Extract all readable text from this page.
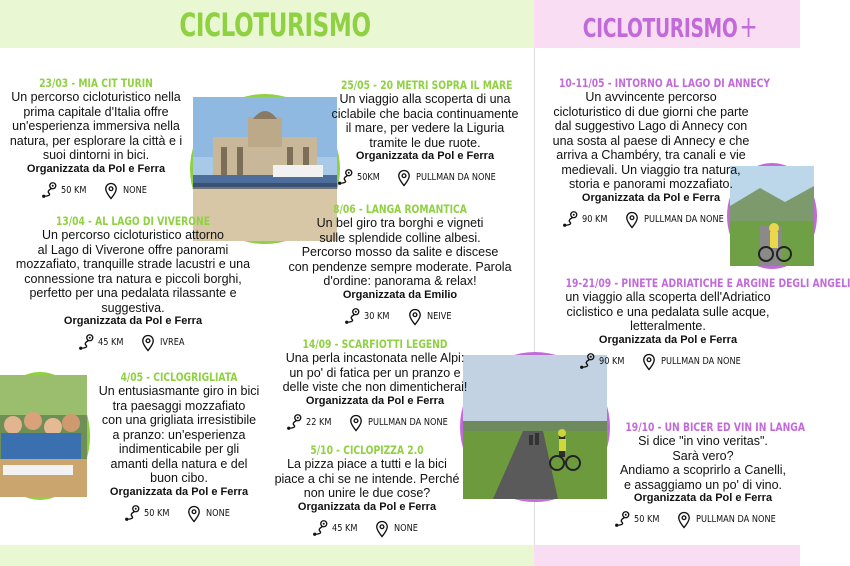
CICLOTURISMO	CICLOTURISMO+
23/03 - MIA CIT TURIN
Un percorso cicloturistico nella
prima capitale d'Italia offre
un'esperienza immersiva nella
natura, per esplorare la città e i
suoi dintorni in bici.
Organizzata da Pol e Ferra
50 KM	NONE
13/04 - AL LAGO DI VIVERONE
Un percorso cicloturistico attorno
al Lago di Viverone offre panorami
mozzafiato, tranquille strade lacustri e una
connessione tra natura e piccoli borghi,
perfetto per una pedalata rilassante e
suggestiva.
Organizzata da Pol e Ferra
45 KM	IVREA
4/05 - CICLOGRIGLIATA
Un entusiasmante giro in bici
tra paesaggi mozzafiato
con una grigliata irresistibile
a pranzo: un'esperienza
indimenticabile per gli
amanti della natura e del
buon cibo.
Organizzata da Pol e Ferra
50 KM	NONE
25/05 - 20 METRI SOPRA IL MARE
Un viaggio alla scoperta di una
ciclabile che bacia continuamente
il mare, per vedere la Liguria
tramite le due ruote.
Organizzata da Pol e Ferra
50KM	PULLMAN DA NONE
8/06 - LANGA ROMANTICA
Un bel giro tra borghi e vigneti
sulle splendide colline albesi.
Percorso mosso da salite e discese
con pendenze sempre moderate. Parola
d'ordine: panorama & relax!
Organizzata da Emilio
30 KM	NEIVE
14/09 - SCARFIOTTI LEGEND
Una perla incastonata nelle Alpi:
un po' di fatica per un pranzo e
delle viste che non dimenticherai!
Organizzata da Pol e Ferra
22 KM	PULLMAN DA NONE
5/10 - CICLOPIZZA 2.0
La pizza piace a tutti e la bici
piace a chi se ne intende. Perché
non unire le due cose?
Organizzata da Pol e Ferra
45 KM	NONE
10-11/05 - INTORNO AL LAGO DI ANNECY
Un avvincente percorso
cicloturistico di due giorni che parte
dal suggestivo Lago di Annecy con
una sosta al paese di Annecy e che
arriva a Chambéry, tra canali e vie
medievali. Un viaggio tra natura,
storia e panorami mozzafiato.
Organizzata da Pol e Ferra
90 KM	PULLMAN DA NONE
19-21/09 - PINETE ADRIATICHE E ARGINE DEGLI ANGELI
un viaggio alla scoperta dell'Adriatico
ciclistico e una pedalata sulle acque,
letteralmente.
Organizzata da Pol e Ferra
90 KM	PULLMAN DA NONE
19/10 - UN BICER ED VIN IN LANGA
Si dice "in vino veritas".
Sarà vero?
Andiamo a scoprirlo a Canelli,
e assaggiamo un po' di vino.
Organizzata da Pol e Ferra
50 KM	PULLMAN DA NONE
